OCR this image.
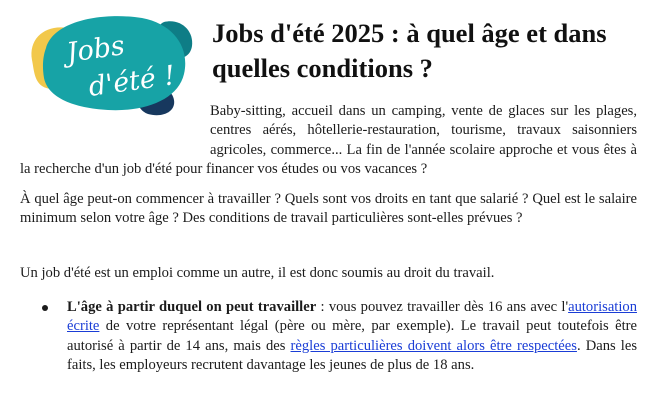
Jobs
d'été !
Jobs d'été 2025 : à quel âge et dans quelles conditions ?
Baby-sitting, accueil dans un camping, vente de glaces sur les plages, centres aérés, hôtellerie-restauration, tourisme, travaux saisonniers agricoles, commerce... La fin de l'année scolaire approche et vous êtes à la recherche d'un job d'été pour financer vos études ou vos vacances ?

À quel âge peut-on commencer à travailler ? Quels sont vos droits en tant que salarié ? Quel est le salaire minimum selon votre âge ? Des conditions de travail particulières sont-elles prévues ?

Un job d'été est un emploi comme un autre, il est donc soumis au droit du travail.

L'âge à partir duquel on peut travailler : vous pouvez travailler dès 16 ans avec l'autorisation écrite de votre représentant légal (père ou mère, par exemple). Le travail peut toutefois être autorisé à partir de 14 ans, mais des règles particulières doivent alors être respectées. Dans les faits, les employeurs recrutent davantage les jeunes de plus de 18 ans.
